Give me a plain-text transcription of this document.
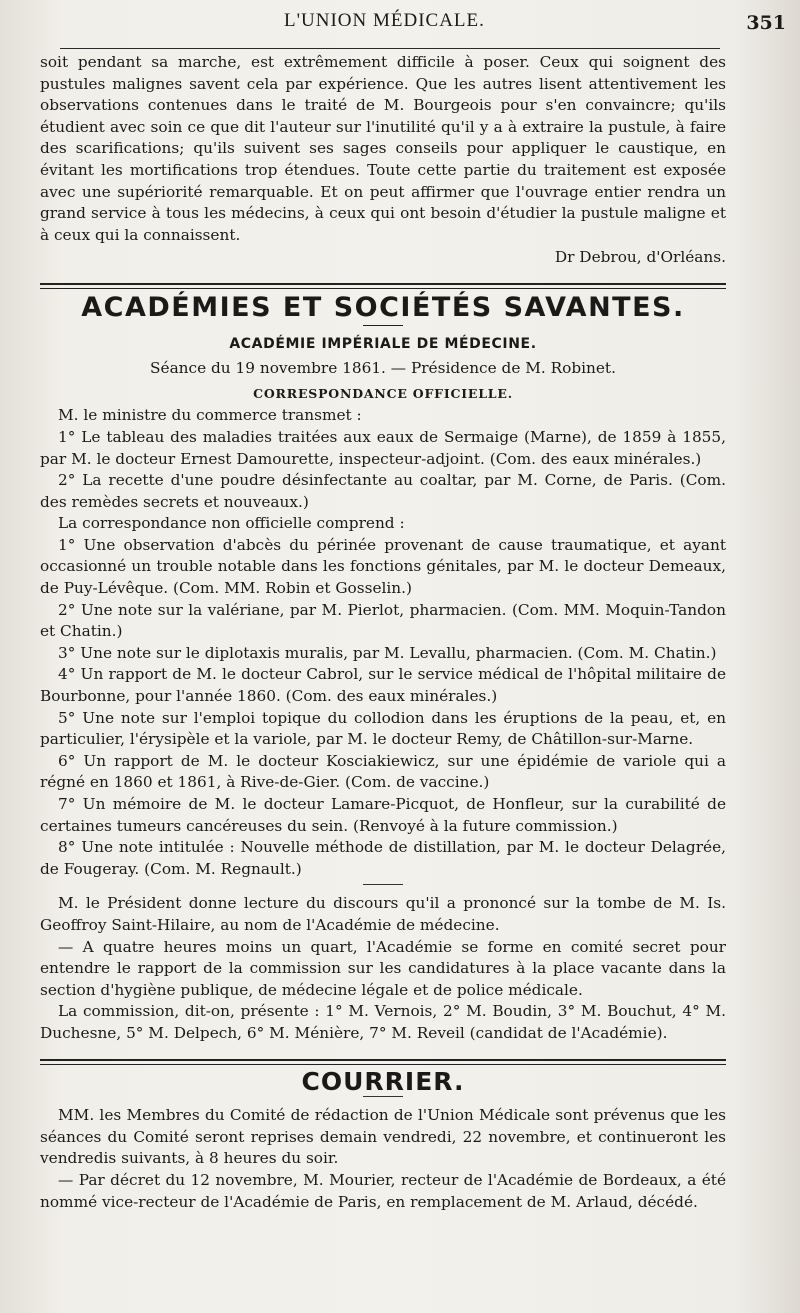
L'UNION MÉDICALE.	351

soit pendant sa marche, est extrêmement difficile à poser. Ceux qui soignent des pustules malignes savent cela par expérience. Que les autres lisent attentivement les observations contenues dans le traité de M. Bourgeois pour s'en convaincre; qu'ils étudient avec soin ce que dit l'auteur sur l'inutilité qu'il y a à extraire la pustule, à faire des scarifications; qu'ils suivent ses sages conseils pour appliquer le caustique, en évitant les mortifications trop étendues. Toute cette partie du traitement est exposée avec une supériorité remarquable. Et on peut affirmer que l'ouvrage entier rendra un grand service à tous les médecins, à ceux qui ont besoin d'étudier la pustule maligne et à ceux qui la connaissent.

Dr Debrou, d'Orléans.

ACADÉMIES ET SOCIÉTÉS SAVANTES.
ACADÉMIE IMPÉRIALE DE MÉDECINE.
Séance du 19 novembre 1861. — Présidence de M. Robinet.
CORRESPONDANCE OFFICIELLE.

M. le ministre du commerce transmet :

1° Le tableau des maladies traitées aux eaux de Sermaige (Marne), de 1859 à 1855, par M. le docteur Ernest Damourette, inspecteur-adjoint. (Com. des eaux minérales.)

2° La recette d'une poudre désinfectante au coaltar, par M. Corne, de Paris. (Com. des remèdes secrets et nouveaux.)

La correspondance non officielle comprend :

1° Une observation d'abcès du périnée provenant de cause traumatique, et ayant occasionné un trouble notable dans les fonctions génitales, par M. le docteur Demeaux, de Puy-Lévêque. (Com. MM. Robin et Gosselin.)

2° Une note sur la valériane, par M. Pierlot, pharmacien. (Com. MM. Moquin-Tandon et Chatin.)

3° Une note sur le diplotaxis muralis, par M. Levallu, pharmacien. (Com. M. Chatin.)

4° Un rapport de M. le docteur Cabrol, sur le service médical de l'hôpital militaire de Bourbonne, pour l'année 1860. (Com. des eaux minérales.)

5° Une note sur l'emploi topique du collodion dans les éruptions de la peau, et, en particulier, l'érysipèle et la variole, par M. le docteur Remy, de Châtillon-sur-Marne.

6° Un rapport de M. le docteur Kosciakiewicz, sur une épidémie de variole qui a régné en 1860 et 1861, à Rive-de-Gier. (Com. de vaccine.)

7° Un mémoire de M. le docteur Lamare-Picquot, de Honfleur, sur la curabilité de certaines tumeurs cancéreuses du sein. (Renvoyé à la future commission.)

8° Une note intitulée : Nouvelle méthode de distillation, par M. le docteur Delagrée, de Fougeray. (Com. M. Regnault.)

M. le Président donne lecture du discours qu'il a prononcé sur la tombe de M. Is. Geoffroy Saint-Hilaire, au nom de l'Académie de médecine.

— A quatre heures moins un quart, l'Académie se forme en comité secret pour entendre le rapport de la commission sur les candidatures à la place vacante dans la section d'hygiène publique, de médecine légale et de police médicale.

La commission, dit-on, présente : 1° M. Vernois, 2° M. Boudin, 3° M. Bouchut, 4° M. Duchesne, 5° M. Delpech, 6° M. Ménière, 7° M. Reveil (candidat de l'Académie).

COURRIER.

MM. les Membres du Comité de rédaction de l'Union Médicale sont prévenus que les séances du Comité seront reprises demain vendredi, 22 novembre, et continueront les vendredis suivants, à 8 heures du soir.

— Par décret du 12 novembre, M. Mourier, recteur de l'Académie de Bordeaux, a été nommé vice-recteur de l'Académie de Paris, en remplacement de M. Arlaud, décédé.
